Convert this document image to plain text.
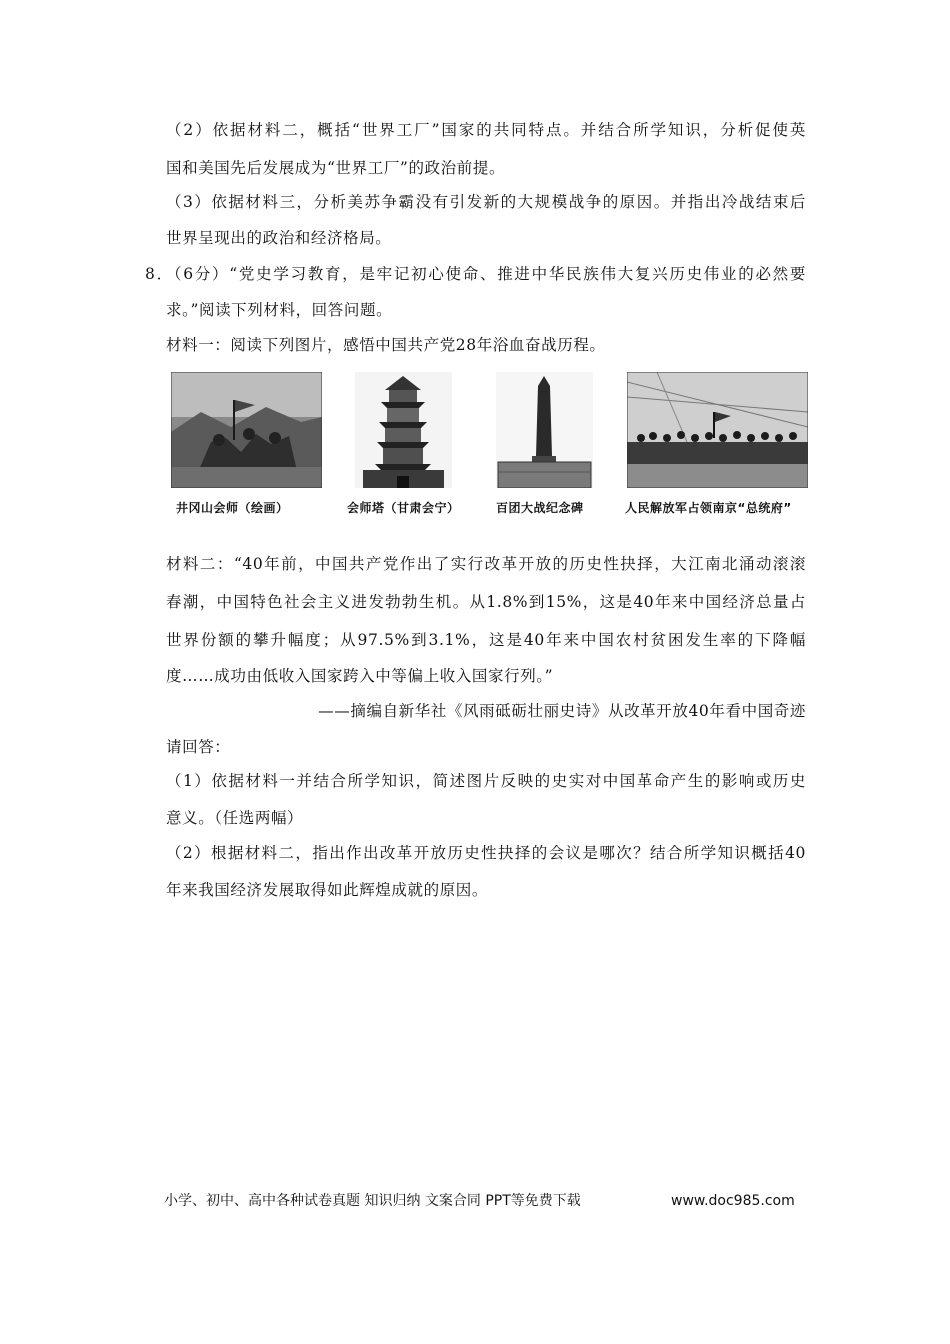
（2）依据材料二，概括“世界工厂”国家的共同特点。并结合所学知识，分析促使英
国和美国先后发展成为“世界工厂”的政治前提。
（3）依据材料三，分析美苏争霸没有引发新的大规模战争的原因。并指出冷战结束后
世界呈现出的政治和经济格局。
8．（6分）“党史学习教育，是牢记初心使命、推进中华民族伟大复兴历史伟业的必然要
求。”阅读下列材料，回答问题。
材料一：阅读下列图片，感悟中国共产党28年浴血奋战历程。
井冈山会师（绘画）	会师塔（甘肃会宁）	百团大战纪念碑	人民解放军占领南京“总统府”
材料二：“40年前，中国共产党作出了实行改革开放的历史性抉择，大江南北涌动滚滚
春潮，中国特色社会主义进发勃勃生机。从1.8%到15%，这是40年来中国经济总量占
世界份额的攀升幅度；从97.5%到3.1%，这是40年来中国农村贫困发生率的下降幅
度……成功由低收入国家跨入中等偏上收入国家行列。”
——摘编自新华社《风雨砥砺壮丽史诗》从改革开放40年看中国奇迹
请回答：
（1）依据材料一并结合所学知识，简述图片反映的史实对中国革命产生的影响或历史
意义。（任选两幅）
（2）根据材料二，指出作出改革开放历史性抉择的会议是哪次？结合所学知识概括40
年来我国经济发展取得如此辉煌成就的原因。
小学、初中、高中各种试卷真题 知识归纳 文案合同 PPT等免费下载	www.doc985.com
